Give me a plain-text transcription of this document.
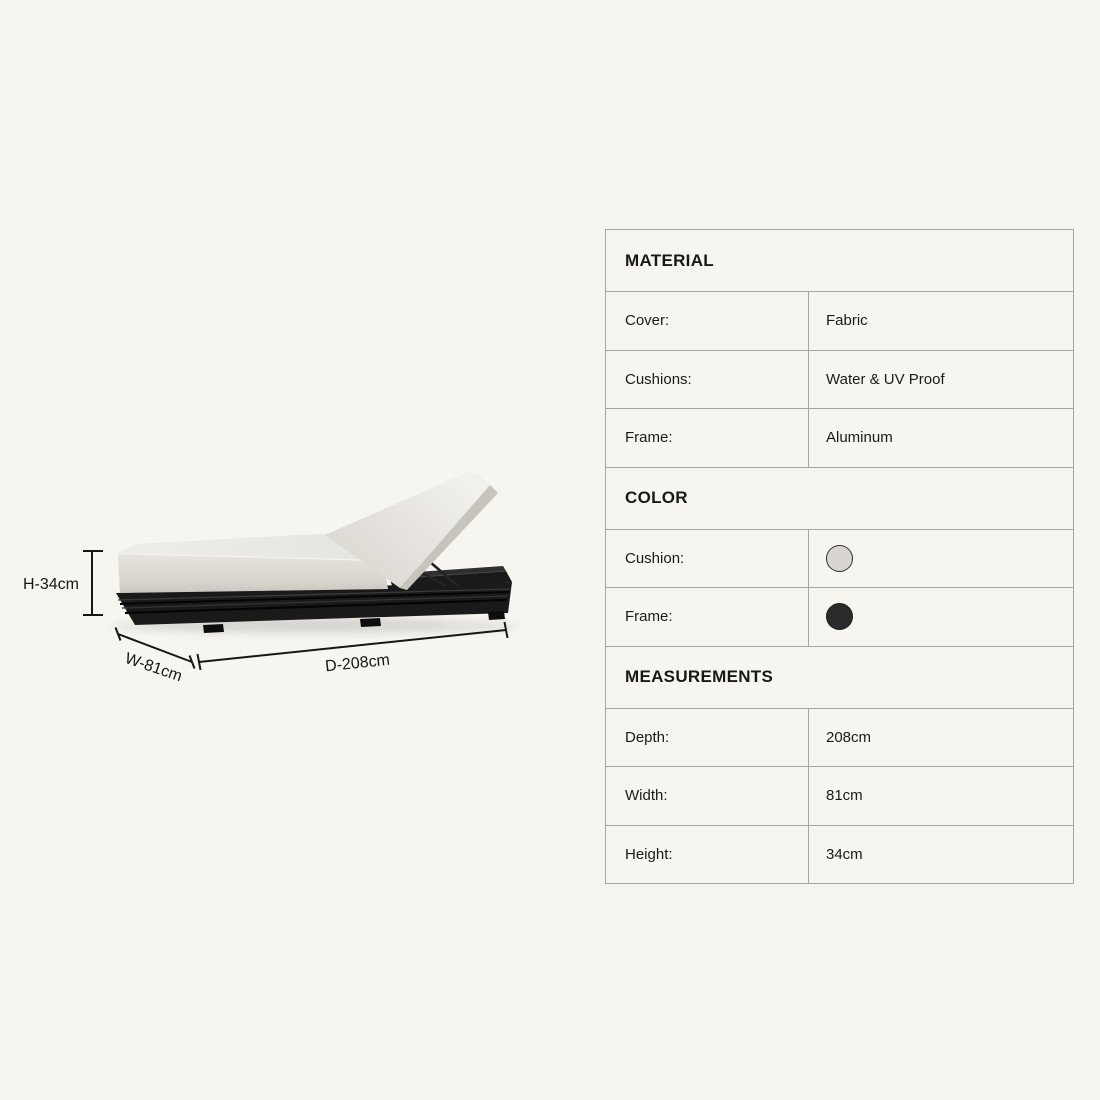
H-34cm
W-81cm	D-208cm
MATERIAL
Cover:	Fabric
Cushions:	Water & UV Proof
Frame:	Aluminum
COLOR
Cushion:
Frame:
MEASUREMENTS
Depth:	208cm
Width:	81cm
Height:	34cm
